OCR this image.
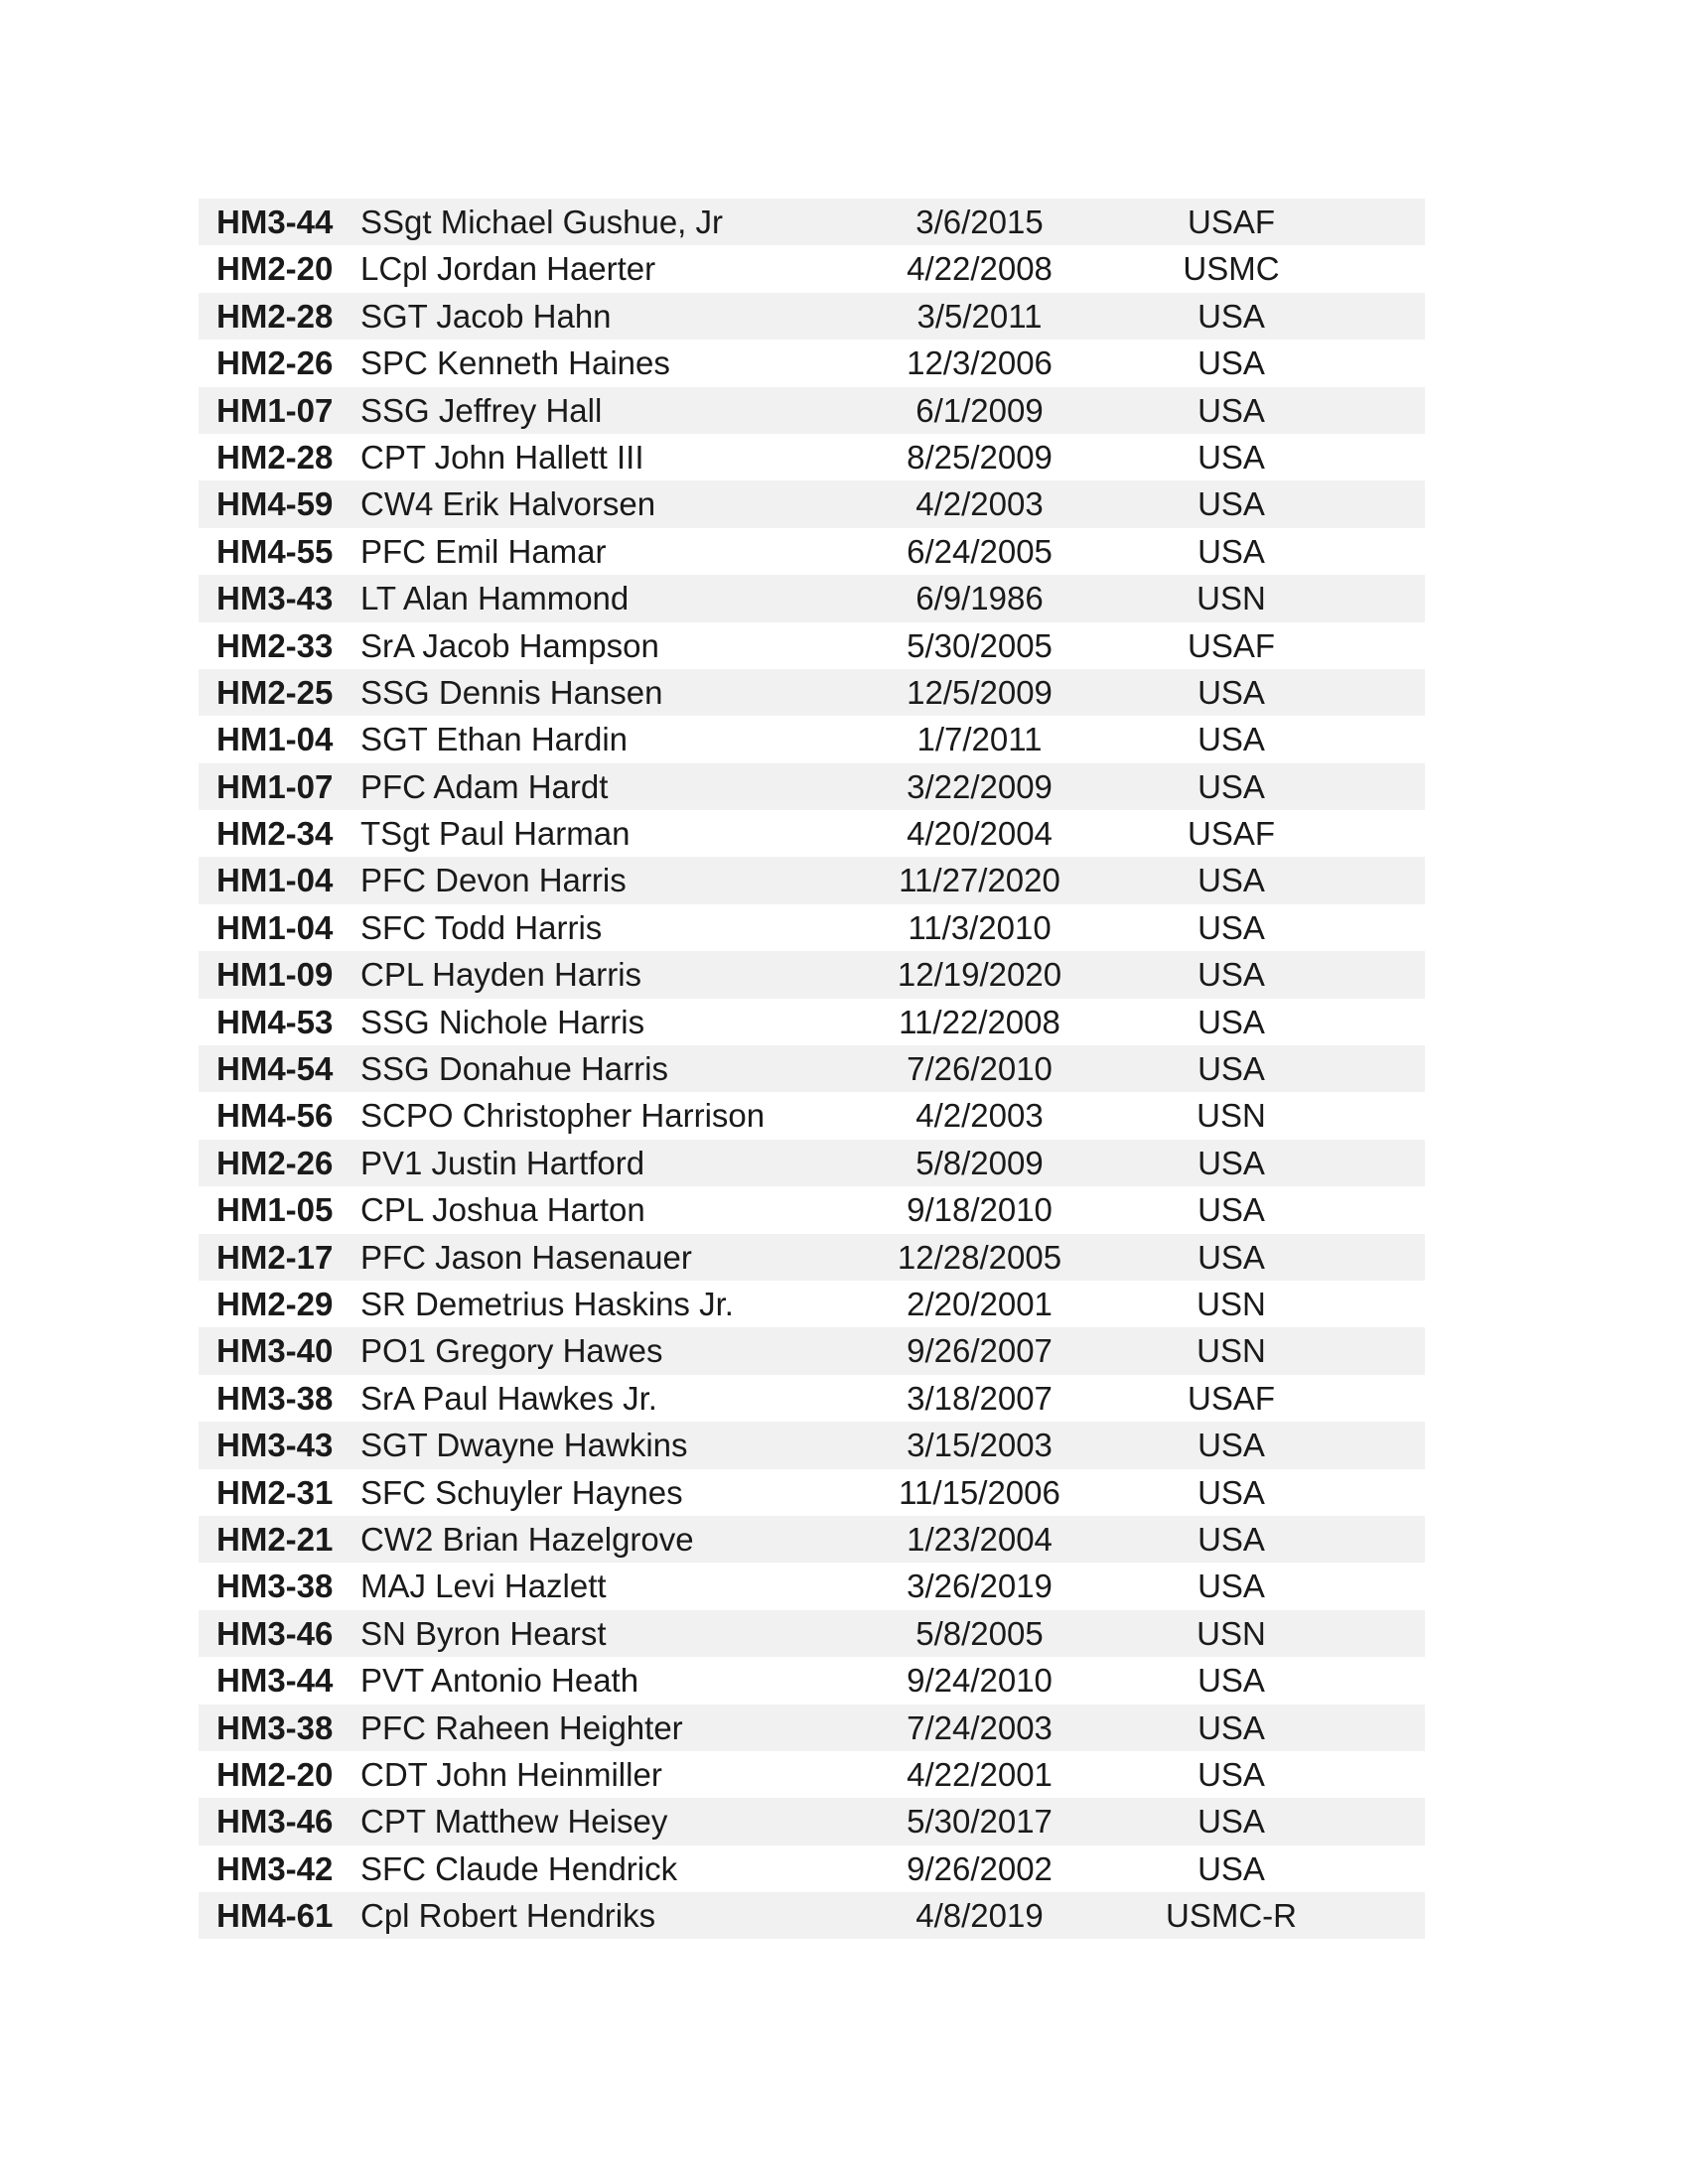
HM3-44 SSgt Michael Gushue, Jr	3/6/2015	USAF
HM2-20 LCpl Jordan Haerter	4/22/2008	USMC
HM2-28 SGT Jacob Hahn	3/5/2011	USA
HM2-26 SPC Kenneth Haines	12/3/2006	USA
HM1-07 SSG Jeffrey Hall	6/1/2009	USA
HM2-28 CPT John Hallett III	8/25/2009	USA
HM4-59 CW4 Erik Halvorsen	4/2/2003	USA
HM4-55 PFC Emil Hamar	6/24/2005	USA
HM3-43 LT Alan Hammond	6/9/1986	USN
HM2-33 SrA Jacob Hampson	5/30/2005	USAF
HM2-25 SSG Dennis Hansen	12/5/2009	USA
HM1-04 SGT Ethan Hardin	1/7/2011	USA
HM1-07 PFC Adam Hardt	3/22/2009	USA
HM2-34 TSgt Paul Harman	4/20/2004	USAF
HM1-04 PFC Devon Harris	11/27/2020	USA
HM1-04 SFC Todd Harris	11/3/2010	USA
HM1-09 CPL Hayden Harris	12/19/2020	USA
HM4-53 SSG Nichole Harris	11/22/2008	USA
HM4-54 SSG Donahue Harris	7/26/2010	USA
HM4-56 SCPO Christopher Harrison	4/2/2003	USN
HM2-26 PV1 Justin Hartford	5/8/2009	USA
HM1-05 CPL Joshua Harton	9/18/2010	USA
HM2-17 PFC Jason Hasenauer	12/28/2005	USA
HM2-29 SR Demetrius Haskins Jr.	2/20/2001	USN
HM3-40 PO1 Gregory Hawes	9/26/2007	USN
HM3-38 SrA Paul Hawkes Jr.	3/18/2007	USAF
HM3-43 SGT Dwayne Hawkins	3/15/2003	USA
HM2-31 SFC Schuyler Haynes	11/15/2006	USA
HM2-21 CW2 Brian Hazelgrove	1/23/2004	USA
HM3-38 MAJ Levi Hazlett	3/26/2019	USA
HM3-46 SN Byron Hearst	5/8/2005	USN
HM3-44 PVT Antonio Heath	9/24/2010	USA
HM3-38 PFC Raheen Heighter	7/24/2003	USA
HM2-20 CDT John Heinmiller	4/22/2001	USA
HM3-46 CPT Matthew Heisey	5/30/2017	USA
HM3-42 SFC Claude Hendrick	9/26/2002	USA
HM4-61 Cpl Robert Hendriks	4/8/2019	USMC-R
